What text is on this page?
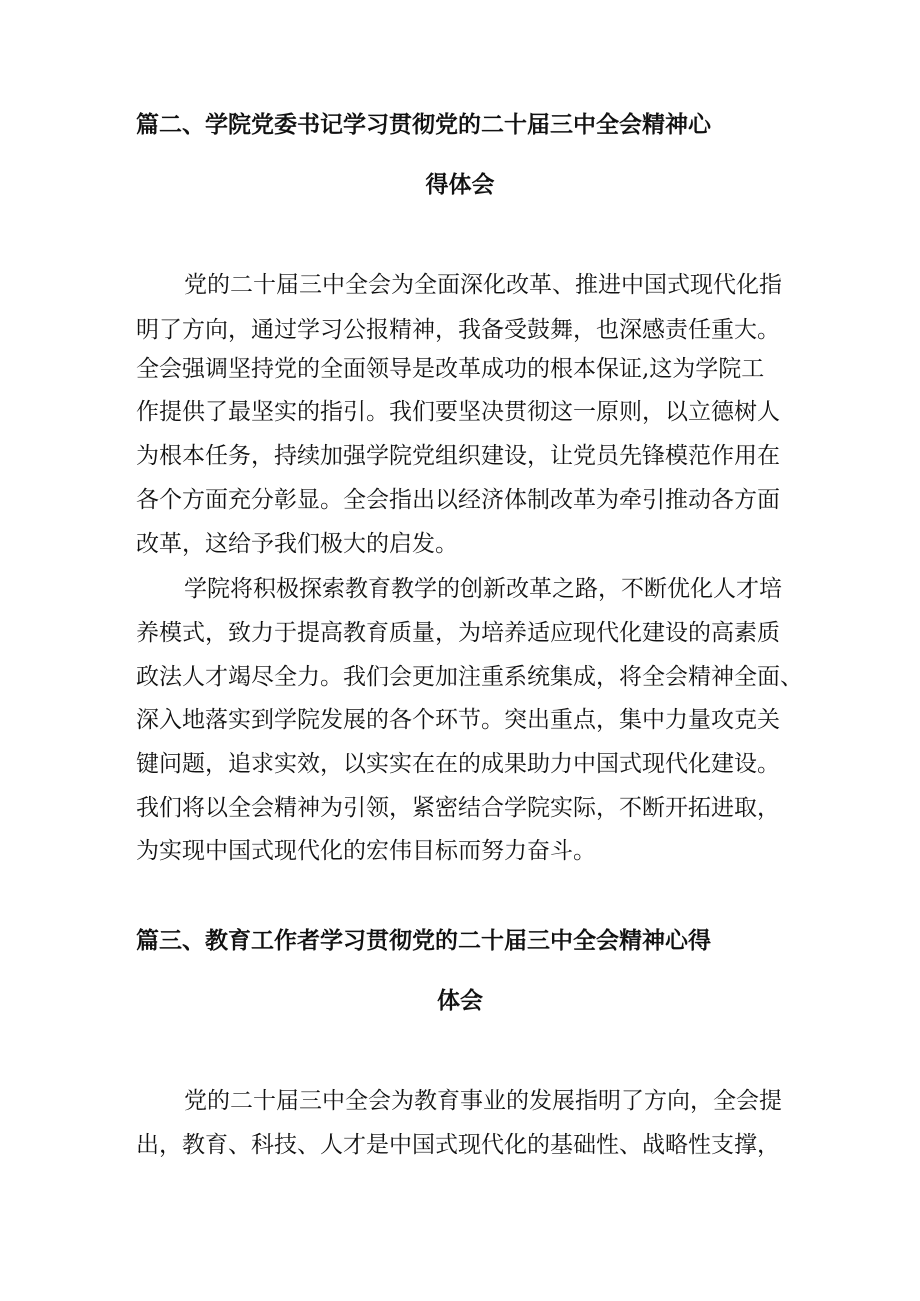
篇二、学院党委书记学习贯彻党的二十届三中全会精神心
得体会
党的二十届三中全会为全面深化改革、推进中国式现代化指
明了方向，通过学习公报精神，我备受鼓舞，也深感责任重大。
全会强调坚持党的全面领导是改革成功的根本保证,这为学院工
作提供了最坚实的指引。我们要坚决贯彻这一原则，以立德树人
为根本任务，持续加强学院党组织建设，让党员先锋模范作用在
各个方面充分彰显。全会指出以经济体制改革为牵引推动各方面
改革，这给予我们极大的启发。
学院将积极探索教育教学的创新改革之路，不断优化人才培
养模式，致力于提高教育质量，为培养适应现代化建设的高素质
政法人才竭尽全力。我们会更加注重系统集成，将全会精神全面、
深入地落实到学院发展的各个环节。突出重点，集中力量攻克关
键问题，追求实效，以实实在在的成果助力中国式现代化建设。
我们将以全会精神为引领，紧密结合学院实际，不断开拓进取，
为实现中国式现代化的宏伟目标而努力奋斗。
篇三、教育工作者学习贯彻党的二十届三中全会精神心得
体会
党的二十届三中全会为教育事业的发展指明了方向，全会提
出，教育、科技、人才是中国式现代化的基础性、战略性支撑，
